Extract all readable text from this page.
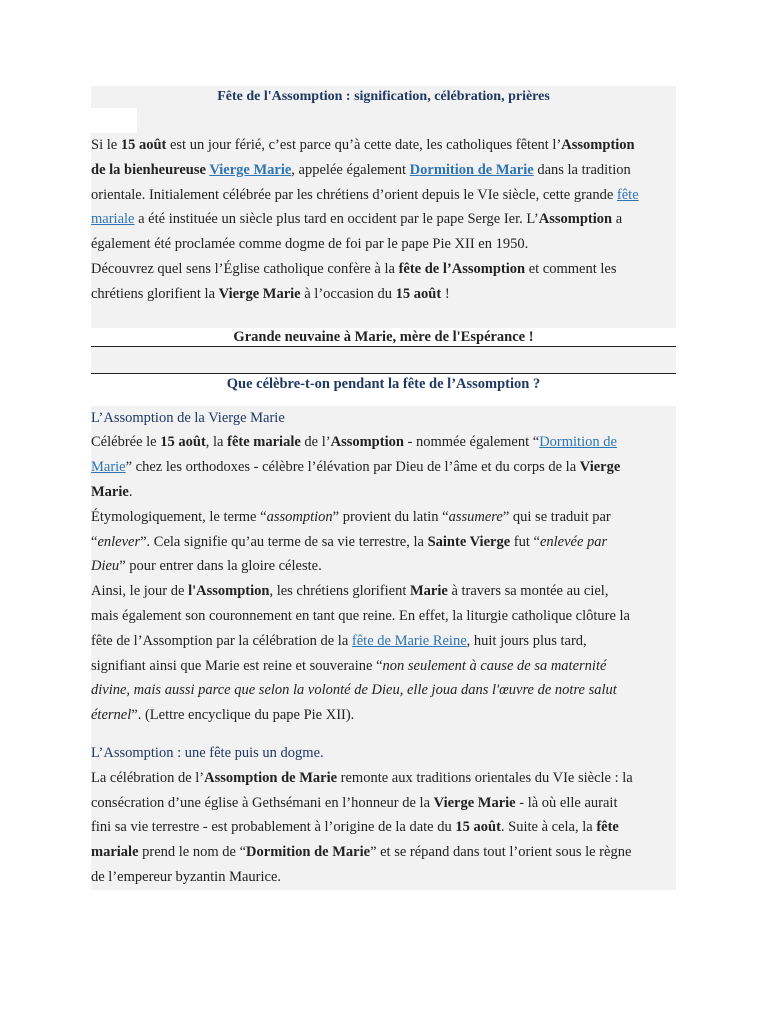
Fête de l'Assomption : signification, célébration, prières

Si le 15 août est un jour férié, c’est parce qu’à cette date, les catholiques fêtent l’Assomption

de la bienheureuse Vierge Marie, appelée également Dormition de Marie dans la tradition

orientale. Initialement célébrée par les chrétiens d’orient depuis le VIe siècle, cette grande fête

mariale a été instituée un siècle plus tard en occident par le pape Serge Ier. L’Assomption a

également été proclamée comme dogme de foi par le pape Pie XII en 1950.

Découvrez quel sens l’Église catholique confère à la fête de l’Assomption et comment les

chrétiens glorifient la Vierge Marie à l’occasion du 15 août !

Grande neuvaine à Marie, mère de l'Espérance !
Que célèbre-t-on pendant la fête de l’Assomption ?

L’Assomption de la Vierge Marie

Célébrée le 15 août, la fête mariale de l’Assomption - nommée également “Dormition de

Marie” chez les orthodoxes - célèbre l’élévation par Dieu de l’âme et du corps de la Vierge

Marie.

Étymologiquement, le terme “assomption” provient du latin “assumere” qui se traduit par

“enlever”. Cela signifie qu’au terme de sa vie terrestre, la Sainte Vierge fut “enlevée par

Dieu” pour entrer dans la gloire céleste.

Ainsi, le jour de l'Assomption, les chrétiens glorifient Marie à travers sa montée au ciel,

mais également son couronnement en tant que reine. En effet, la liturgie catholique clôture la

fête de l’Assomption par la célébration de la fête de Marie Reine, huit jours plus tard,

signifiant ainsi que Marie est reine et souveraine “non seulement à cause de sa maternité

divine, mais aussi parce que selon la volonté de Dieu, elle joua dans l'œuvre de notre salut

éternel”. (Lettre encyclique du pape Pie XII).

L’Assomption : une fête puis un dogme.

La célébration de l’Assomption de Marie remonte aux traditions orientales du VIe siècle : la

consécration d’une église à Gethsémani en l’honneur de la Vierge Marie - là où elle aurait

fini sa vie terrestre - est probablement à l’origine de la date du 15 août. Suite à cela, la fête

mariale prend le nom de “Dormition de Marie” et se répand dans tout l’orient sous le règne

de l’empereur byzantin Maurice.
